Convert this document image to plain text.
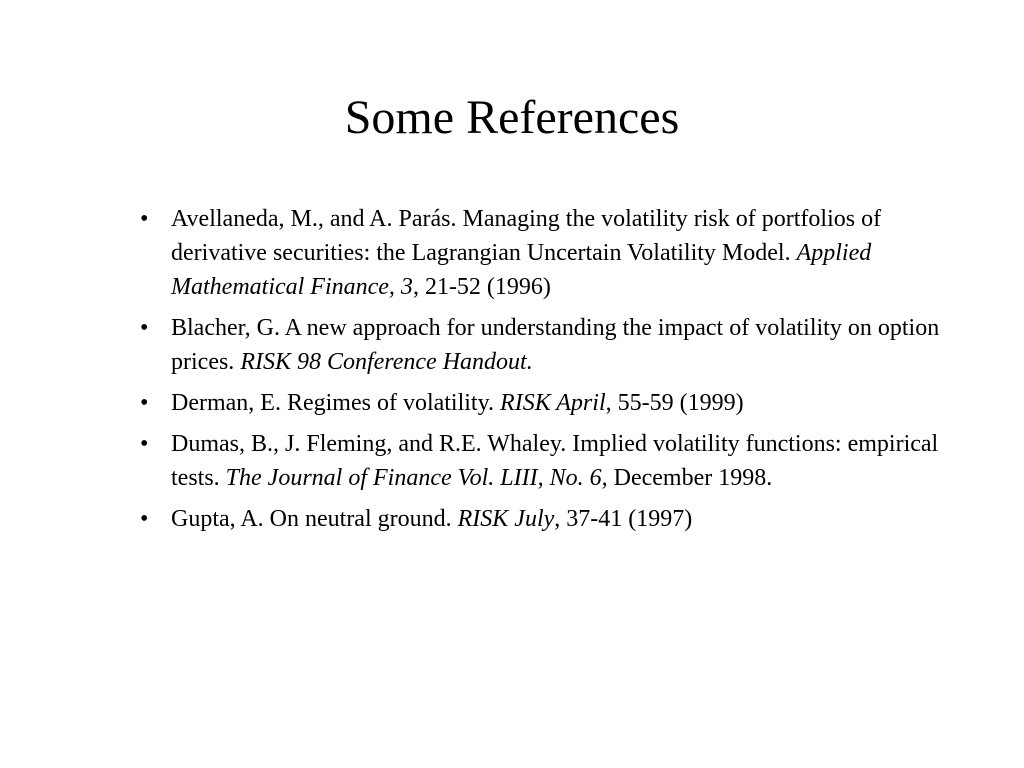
Some References
• Avellaneda, M., and A. Parás. Managing the volatility risk of portfolios of derivative securities: the Lagrangian Uncertain Volatility Model. Applied Mathematical Finance, 3, 21-52 (1996)
• Blacher, G. A new approach for understanding the impact of volatility on option prices. RISK 98 Conference Handout.
• Derman, E. Regimes of volatility. RISK April, 55-59 (1999)
• Dumas, B., J. Fleming, and R.E. Whaley. Implied volatility functions: empirical tests. The Journal of Finance Vol. LIII, No. 6, December 1998.
• Gupta, A. On neutral ground. RISK July, 37-41 (1997)
